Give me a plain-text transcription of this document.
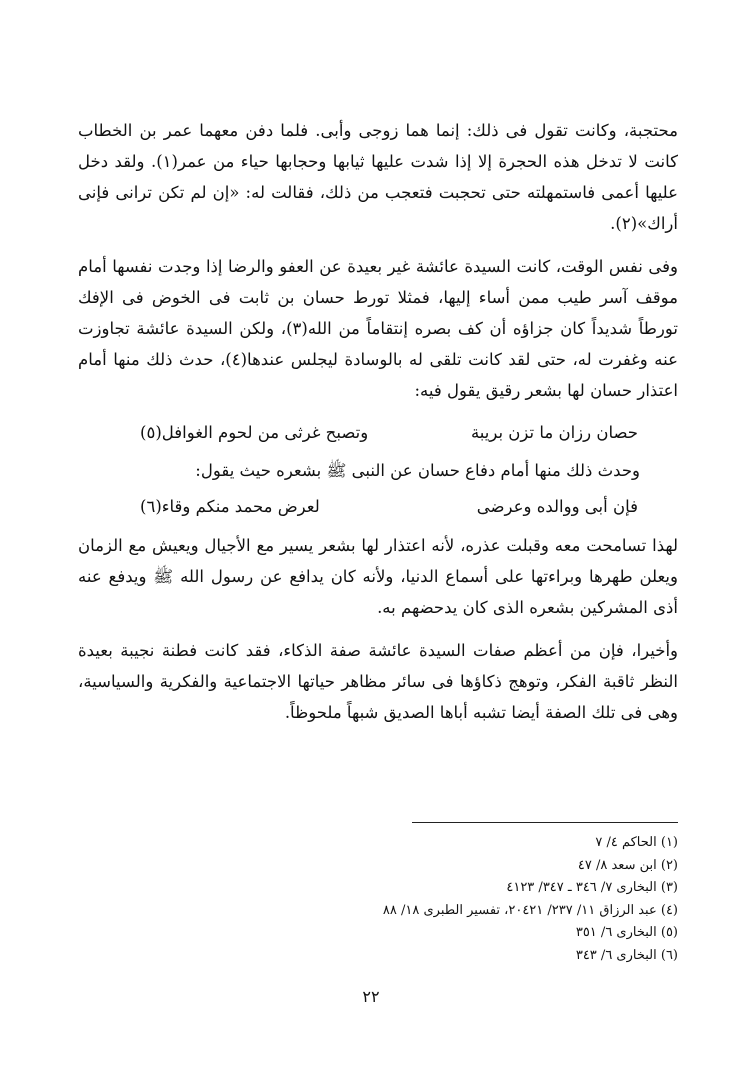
محتجبة، وكانت تقول فى ذلك: إنما هما زوجى وأبى. فلما دفن معهما عمر بن الخطاب كانت لا تدخل هذه الحجرة إلا إذا شدت عليها ثيابها وحجابها حياء من عمر(١). ولقد دخل عليها أعمى فاستمهلته حتى تحجبت فتعجب من ذلك، فقالت له: «إن لم تكن ترانى فإنى أراك»(٢).

وفى نفس الوقت، كانت السيدة عائشة غير بعيدة عن العفو والرضا إذا وجدت نفسها أمام موقف آسر طيب ممن أساء إليها، فمثلا تورط حسان بن ثابت فى الخوض فى الإفك تورطاً شديداً كان جزاؤه أن كف بصره إنتقاماً من الله(٣)، ولكن السيدة عائشة تجاوزت عنه وغفرت له، حتى لقد كانت تلقى له بالوسادة ليجلس عندها(٤)، حدث ذلك منها أمام اعتذار حسان لها بشعر رقيق يقول فيه:

حصان رزان ما تزن بريبة
وتصبح غرثى من لحوم الغوافل(٥)

وحدث ذلك منها أمام دفاع حسان عن النبى ﷺ بشعره حيث يقول:

فإن أبى ووالده وعرضى
لعرض محمد منكم وقاء(٦)

لهذا تسامحت معه وقبلت عذره، لأنه اعتذار لها بشعر يسير مع الأجيال ويعيش مع الزمان ويعلن طهرها وبراءتها على أسماع الدنيا، ولأنه كان يدافع عن رسول الله ﷺ ويدفع عنه أذى المشركين بشعره الذى كان يدحضهم به.

وأخيرا، فإن من أعظم صفات السيدة عائشة صفة الذكاء، فقد كانت فطنة نجيبة بعيدة النظر ثاقبة الفكر، وتوهج ذكاؤها فى سائر مظاهر حياتها الاجتماعية والفكرية والسياسية، وهى فى تلك الصفة أيضا تشبه أباها الصديق شبهاً ملحوظاً.

(١) الحاكم ٤/ ٧
(٢) ابن سعد ٨/ ٤٧
(٣) البخارى ٧/ ٣٤٦ ـ ٣٤٧/ ٤١٢٣
(٤) عبد الرزاق ١١/ ٢٣٧/ ٢٠٤٢١، تفسير الطبرى ١٨/ ٨٨
(٥) البخارى ٦/ ٣٥١
(٦) البخارى ٦/ ٣٤٣
٢٢
